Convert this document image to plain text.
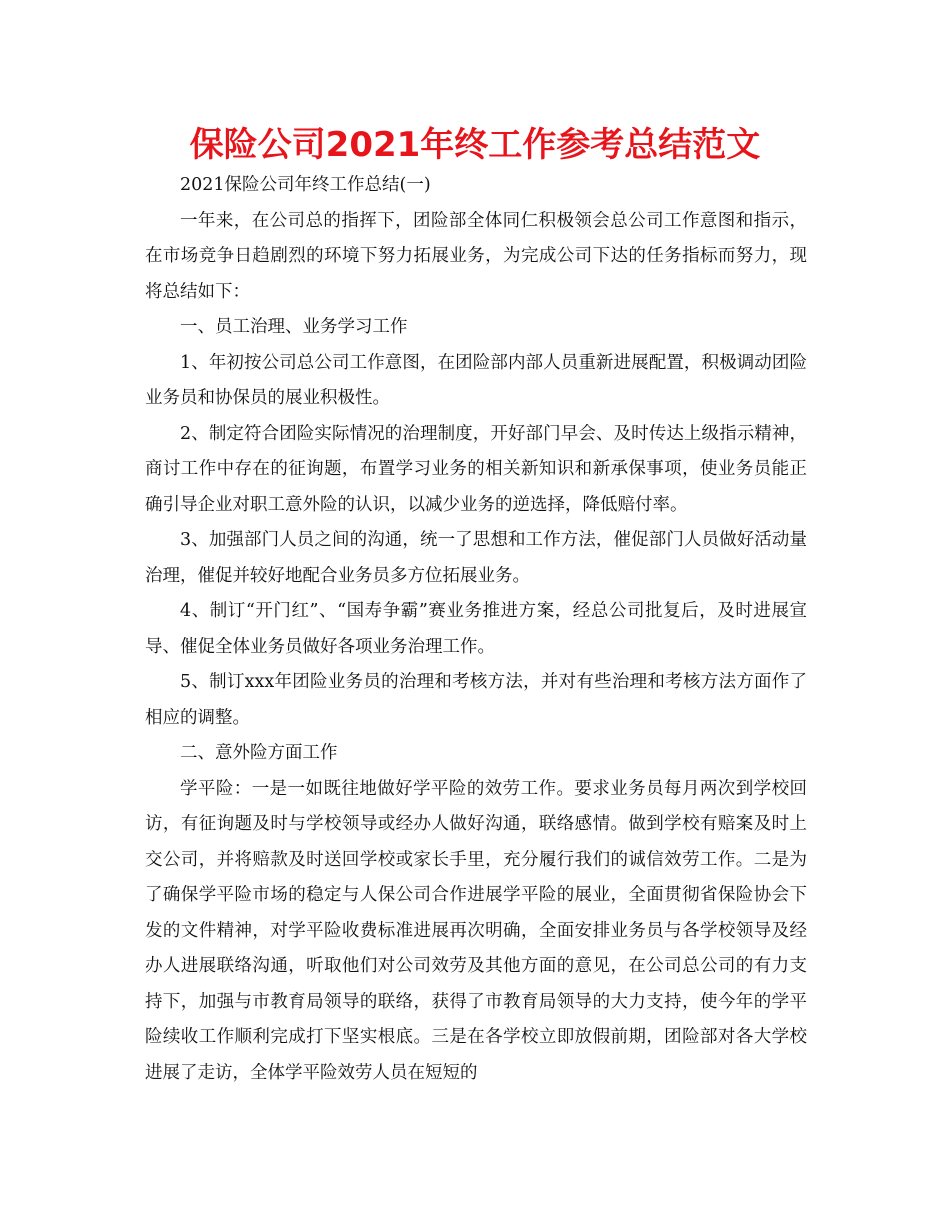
保险公司2021年终工作参考总结范文

2021保险公司年终工作总结(一)

一年来，在公司总的指挥下，团险部全体同仁积极领会总公司工作意图和指示，在市场竞争日趋剧烈的环境下努力拓展业务，为完成公司下达的任务指标而努力，现将总结如下：

一、员工治理、业务学习工作

1、年初按公司总公司工作意图，在团险部内部人员重新进展配置，积极调动团险业务员和协保员的展业积极性。

2、制定符合团险实际情况的治理制度，开好部门早会、及时传达上级指示精神，商讨工作中存在的征询题，布置学习业务的相关新知识和新承保事项，使业务员能正确引导企业对职工意外险的认识，以减少业务的逆选择，降低赔付率。

3、加强部门人员之间的沟通，统一了思想和工作方法，催促部门人员做好活动量治理，催促并较好地配合业务员多方位拓展业务。

4、制订“开门红”、“国寿争霸”赛业务推进方案，经总公司批复后，及时进展宣导、催促全体业务员做好各项业务治理工作。

5、制订xxx年团险业务员的治理和考核方法，并对有些治理和考核方法方面作了相应的调整。

二、意外险方面工作

学平险：一是一如既往地做好学平险的效劳工作。要求业务员每月两次到学校回访，有征询题及时与学校领导或经办人做好沟通，联络感情。做到学校有赔案及时上交公司，并将赔款及时送回学校或家长手里，充分履行我们的诚信效劳工作。二是为了确保学平险市场的稳定与人保公司合作进展学平险的展业，全面贯彻省保险协会下发的文件精神，对学平险收费标准进展再次明确，全面安排业务员与各学校领导及经办人进展联络沟通，听取他们对公司效劳及其他方面的意见，在公司总公司的有力支持下，加强与市教育局领导的联络，获得了市教育局领导的大力支持，使今年的学平险续收工作顺利完成打下坚实根底。三是在各学校立即放假前期，团险部对各大学校进展了走访，全体学平险效劳人员在短短的
